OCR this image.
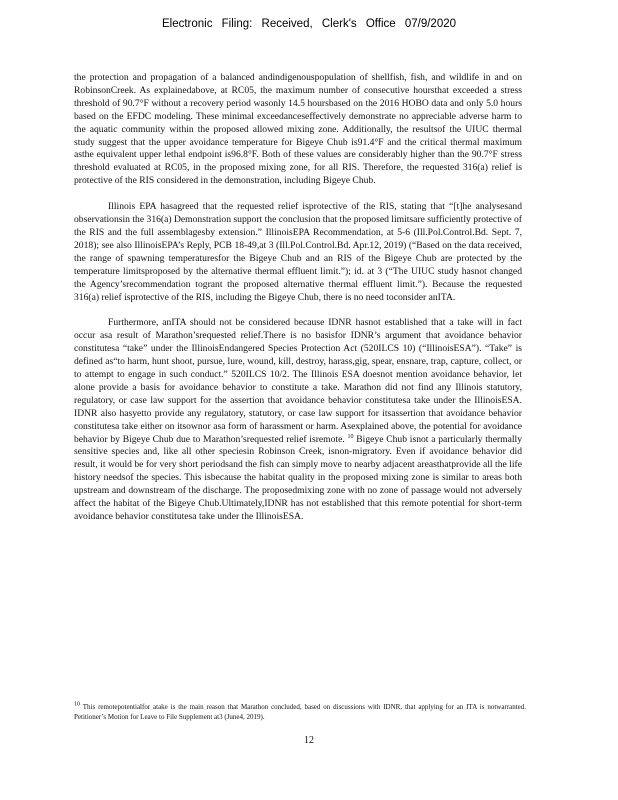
Electronic Filing: Received, Clerk's Office 07/9/2020

the protection and propagation of a balanced andindigenouspopulation of shellfish, fish, and wildlife in and on RobinsonCreek. As explainedabove, at RC05, the maximum number of consecutive hoursthat exceeded a stress threshold of 90.7°F without a recovery period wasonly 14.5 hoursbased on the 2016 HOBO data and only 5.0 hours based on the EFDC modeling. These minimal exceedanceseffectively demonstrate no appreciable adverse harm to the aquatic community within the proposed allowed mixing zone. Additionally, the resultsof the UIUC thermal study suggest that the upper avoidance temperature for Bigeye Chub is91.4°F and the critical thermal maximum asthe equivalent upper lethal endpoint is96.8°F. Both of these values are considerably higher than the 90.7°F stress threshold evaluated at RC05, in the proposed mixing zone, for all RIS. Therefore, the requested 316(a) relief is protective of the RIS considered in the demonstration, including Bigeye Chub.

Illinois EPA hasagreed that the requested relief isprotective of the RIS, stating that “[t]he analysesand observationsin the 316(a) Demonstration support the conclusion that the proposed limitsare sufficiently protective of the RIS and the full assemblagesby extension.” IllinoisEPA Recommendation, at 5-6 (Ill.Pol.Control.Bd. Sept. 7, 2018); see also IllinoisEPA’s Reply, PCB 18-49,at 3 (Ill.Pol.Control.Bd. Apr.12, 2019) (“Based on the data received, the range of spawning temperaturesfor the Bigeye Chub and an RIS of the Bigeye Chub are protected by the temperature limitsproposed by the alternative thermal effluent limit.”); id. at 3 (“The UIUC study hasnot changed the Agency’srecommendation togrant the proposed alternative thermal effluent limit.”). Because the requested 316(a) relief isprotective of the RIS, including the Bigeye Chub, there is no need toconsider anITA.

Furthermore, anITA should not be considered because IDNR hasnot established that a take will in fact occur asa result of Marathon’srequested relief.There is no basisfor IDNR’s argument that avoidance behavior constitutesa “take” under the IllinoisEndangered Species Protection Act (520ILCS 10) (“IllinoisESA”). “Take” is defined as“to harm, hunt shoot, pursue, lure, wound, kill, destroy, harass,gig, spear, ensnare, trap, capture, collect, or to attempt to engage in such conduct.” 520ILCS 10/2. The Illinois ESA doesnot mention avoidance behavior, let alone provide a basis for avoidance behavior to constitute a take. Marathon did not find any Illinois statutory, regulatory, or case law support for the assertion that avoidance behavior constitutesa take under the IllinoisESA. IDNR also hasyetto provide any regulatory, statutory, or case law support for itsassertion that avoidance behavior constitutesa take either on itsownor asa form of harassment or harm. Asexplained above, the potential for avoidance behavior by Bigeye Chub due to Marathon’srequested relief isremote. $^{10}$ Bigeye Chub isnot a particularly thermally sensitive species and, like all other speciesin Robinson Creek, isnon-migratory. Even if avoidance behavior did result, it would be for very short periodsand the fish can simply move to nearby adjacent areasthatprovide all the life history needsof the species. This isbecause the habitat quality in the proposed mixing zone is similar to areas both upstream and downstream of the discharge. The proposedmixing zone with no zone of passage would not adversely affect the habitat of the Bigeye Chub.Ultimately,IDNR has not established that this remote potential for short-term avoidance behavior constitutesa take under the IllinoisESA.

$^{10}$ This remotepotentialfor atake is the main reason that Marathon concluded, based on discussions with IDNR, that applying for an ITA is notwarranted. Petitioner’s Motion for Leave to File Supplement at3 (June4, 2019).
12
